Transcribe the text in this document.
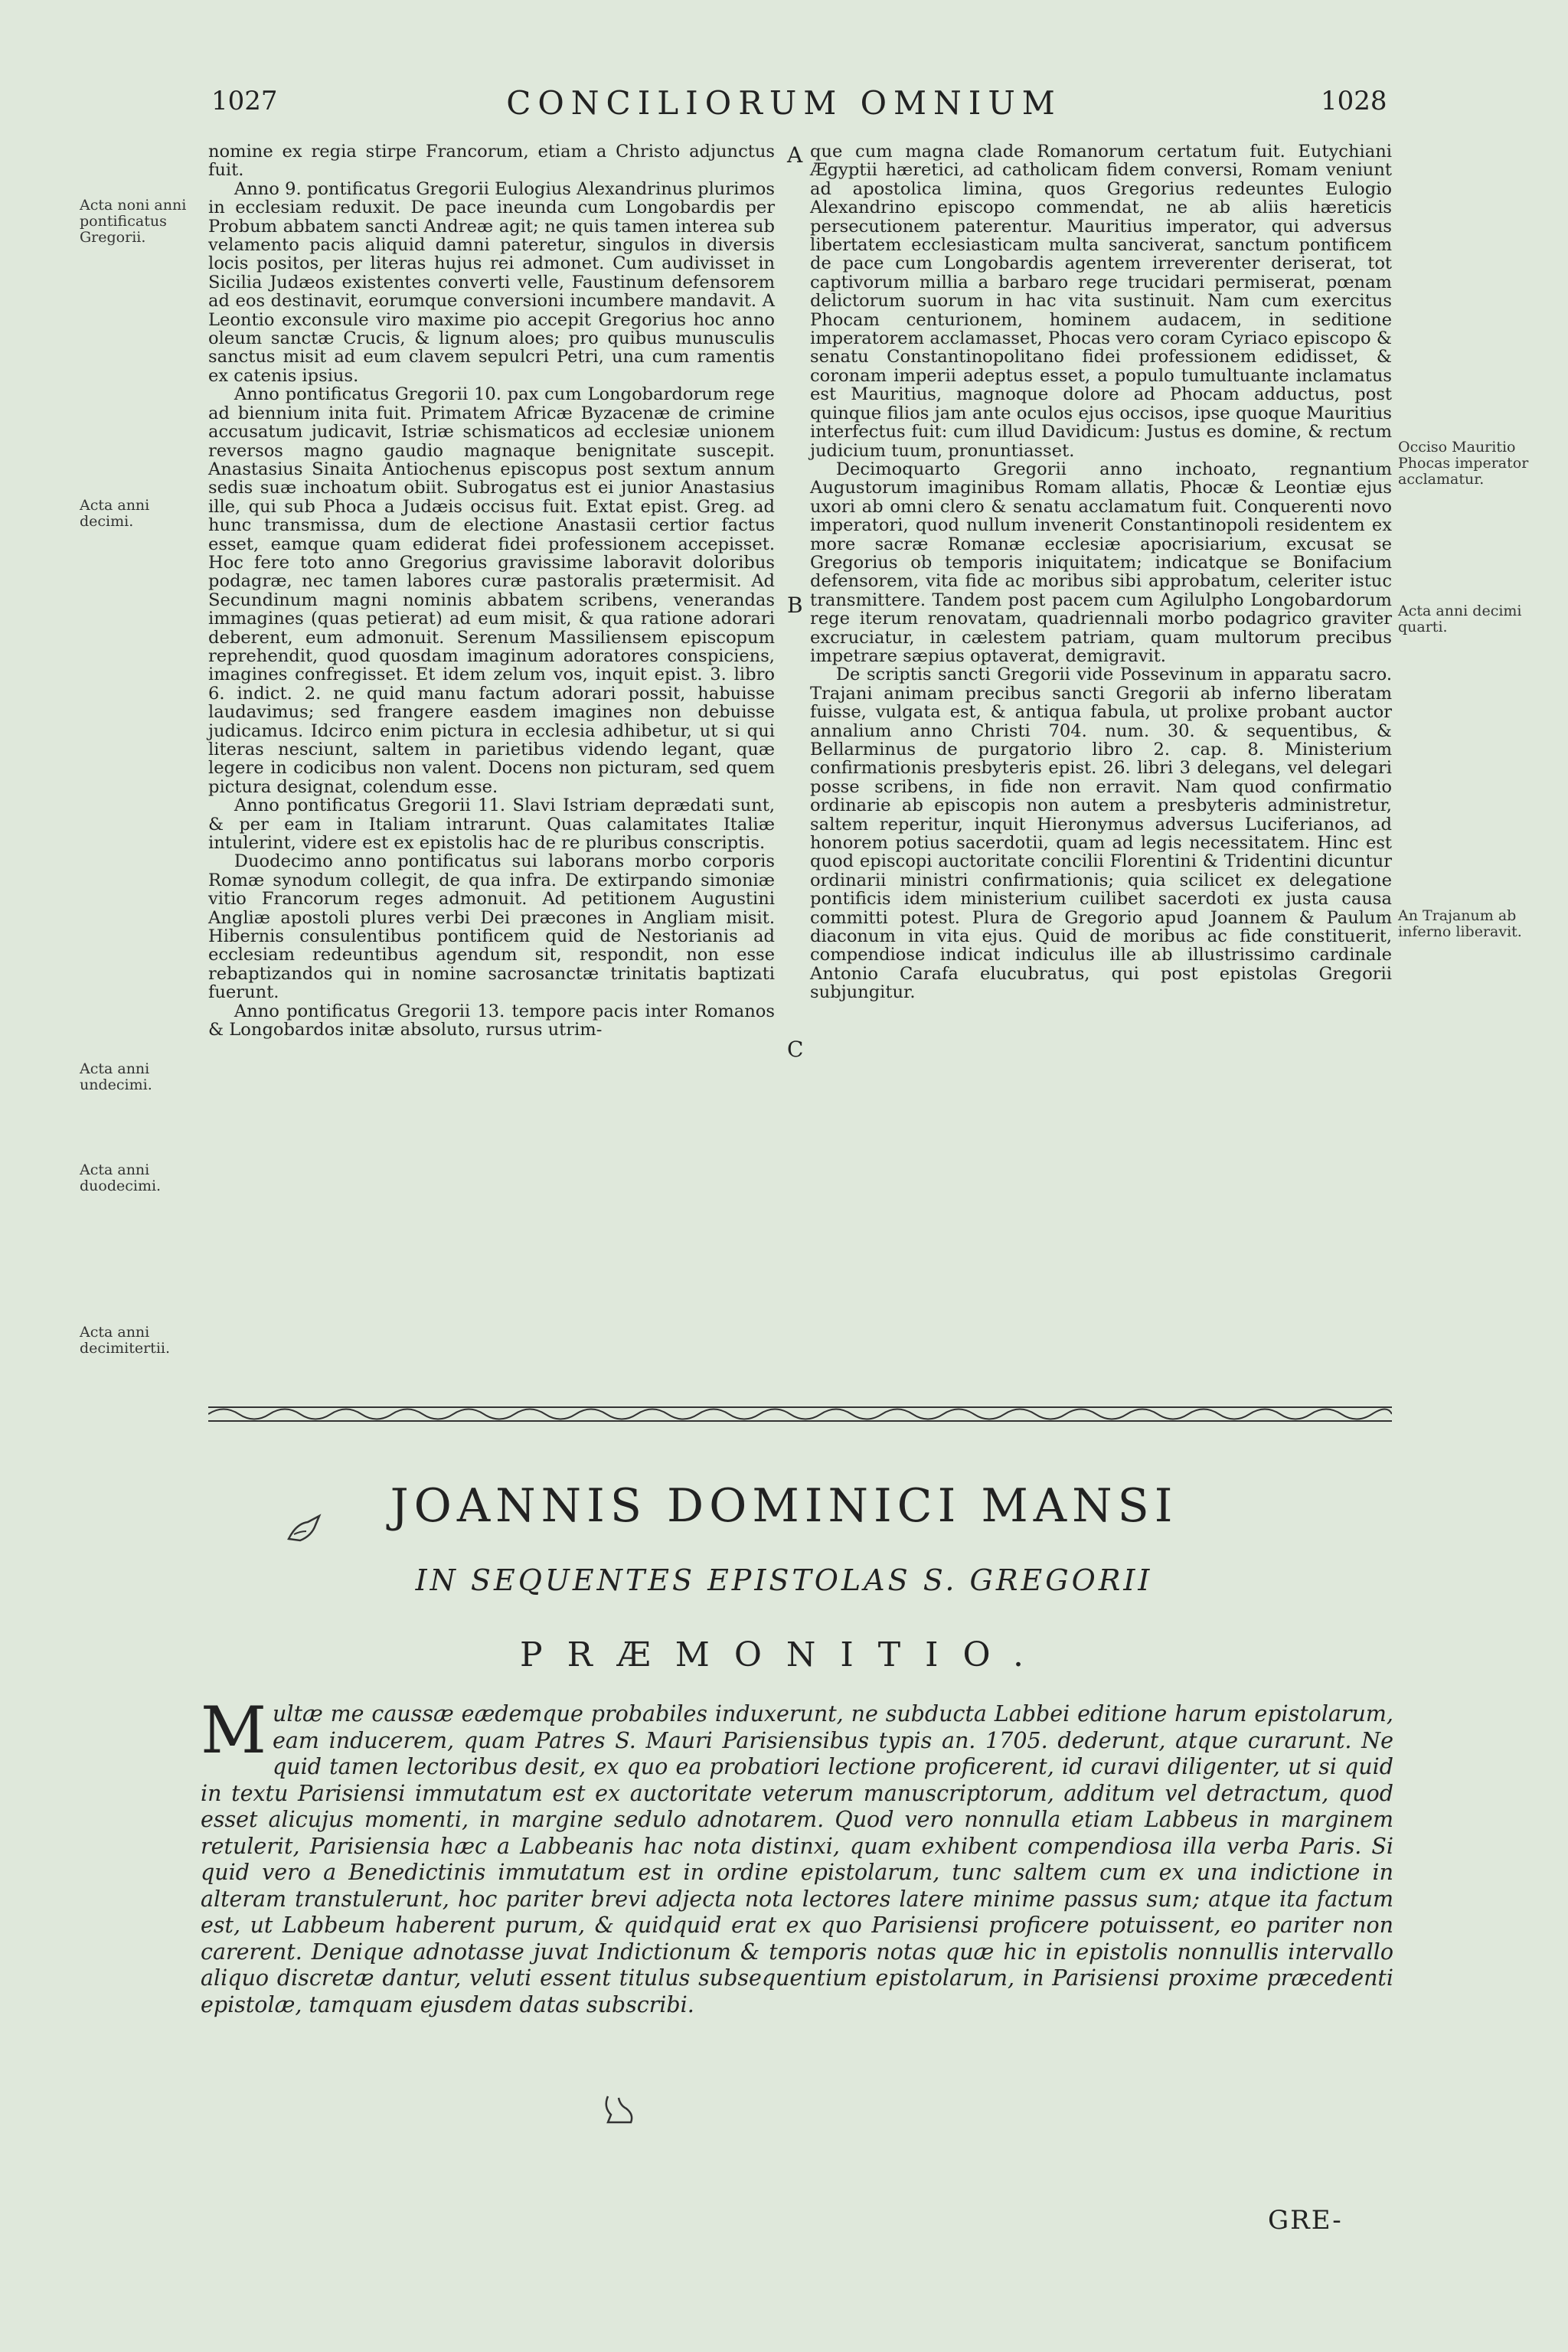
1027	CONCILIORUM OMNIUM	1028
Acta noni anni pontificatus Gregorii.
Acta anni decimi.
Acta anni undecimi.
Acta anni duodecimi.
Acta anni decimitertii.
A
B
C

nomine ex regia stirpe Francorum, etiam a Christo adjunctus fuit.

Anno 9. pontificatus Gregorii Eulogius Alexandrinus plurimos in ecclesiam reduxit. De pace ineunda cum Longobardis per Probum abbatem sancti Andreæ agit; ne quis tamen interea sub velamento pacis aliquid damni pateretur, singulos in diversis locis positos, per literas hujus rei admonet. Cum audivisset in Sicilia Judæos existentes converti velle, Faustinum defensorem ad eos destinavit, eorumque conversioni incumbere mandavit. A Leontio exconsule viro maxime pio accepit Gregorius hoc anno oleum sanctæ Crucis, & lignum aloes; pro quibus munusculis sanctus misit ad eum clavem sepulcri Petri, una cum ramentis ex catenis ipsius.

Anno pontificatus Gregorii 10. pax cum Longobardorum rege ad biennium inita fuit. Primatem Africæ Byzacenæ de crimine accusatum judicavit, Istriæ schismaticos ad ecclesiæ unionem reversos magno gaudio magnaque benignitate suscepit. Anastasius Sinaita Antiochenus episcopus post sextum annum sedis suæ inchoatum obiit. Subrogatus est ei junior Anastasius ille, qui sub Phoca a Judæis occisus fuit. Extat epist. Greg. ad hunc transmissa, dum de electione Anastasii certior factus esset, eamque quam ediderat fidei professionem accepisset. Hoc fere toto anno Gregorius gravissime laboravit doloribus podagræ, nec tamen labores curæ pastoralis prætermisit. Ad Secundinum magni nominis abbatem scribens, venerandas immagines (quas petierat) ad eum misit, & qua ratione adorari deberent, eum admonuit. Serenum Massiliensem episcopum reprehendit, quod quosdam imaginum adoratores conspiciens, imagines confregisset. Et idem zelum vos, inquit epist. 3. libro 6. indict. 2. ne quid manu factum adorari possit, habuisse laudavimus; sed frangere easdem imagines non debuisse judicamus. Idcirco enim pictura in ecclesia adhibetur, ut si qui literas nesciunt, saltem in parietibus videndo legant, quæ legere in codicibus non valent. Docens non picturam, sed quem pictura designat, colendum esse.

Anno pontificatus Gregorii 11. Slavi Istriam deprædati sunt, & per eam in Italiam intrarunt. Quas calamitates Italiæ intulerint, videre est ex epistolis hac de re pluribus conscriptis.

Duodecimo anno pontificatus sui laborans morbo corporis Romæ synodum collegit, de qua infra. De extirpando simoniæ vitio Francorum reges admonuit. Ad petitionem Augustini Angliæ apostoli plures verbi Dei præcones in Angliam misit. Hibernis consulentibus pontificem quid de Nestorianis ad ecclesiam redeuntibus agendum sit, respondit, non esse rebaptizandos qui in nomine sacrosanctæ trinitatis baptizati fuerunt.

Anno pontificatus Gregorii 13. tempore pacis inter Romanos & Longobardos initæ absoluto, rursus utrim-

que cum magna clade Romanorum certatum fuit. Eutychiani Ægyptii hæretici, ad catholicam fidem conversi, Romam veniunt ad apostolica limina, quos Gregorius redeuntes Eulogio Alexandrino episcopo commendat, ne ab aliis hæreticis persecutionem paterentur. Mauritius imperator, qui adversus libertatem ecclesiasticam multa sanciverat, sanctum pontificem de pace cum Longobardis agentem irreverenter deriserat, tot captivorum millia a barbaro rege trucidari permiserat, pœnam delictorum suorum in hac vita sustinuit. Nam cum exercitus Phocam centurionem, hominem audacem, in seditione imperatorem acclamasset, Phocas vero coram Cyriaco episcopo & senatu Constantinopolitano fidei professionem edidisset, & coronam imperii adeptus esset, a populo tumultuante inclamatus est Mauritius, magnoque dolore ad Phocam adductus, post quinque filios jam ante oculos ejus occisos, ipse quoque Mauritius interfectus fuit: cum illud Davidicum: Justus es domine, & rectum judicium tuum, pronuntiasset.

Decimoquarto Gregorii anno inchoato, regnantium Augustorum imaginibus Romam allatis, Phocæ & Leontiæ ejus uxori ab omni clero & senatu acclamatum fuit. Conquerenti novo imperatori, quod nullum invenerit Constantinopoli residentem ex more sacræ Romanæ ecclesiæ apocrisiarium, excusat se Gregorius ob temporis iniquitatem; indicatque se Bonifacium defensorem, vita fide ac moribus sibi approbatum, celeriter istuc transmittere. Tandem post pacem cum Agilulpho Longobardorum rege iterum renovatam, quadriennali morbo podagrico graviter excruciatur, in cælestem patriam, quam multorum precibus impetrare sæpius optaverat, demigravit.

De scriptis sancti Gregorii vide Possevinum in apparatu sacro. Trajani animam precibus sancti Gregorii ab inferno liberatam fuisse, vulgata est, & antiqua fabula, ut prolixe probant auctor annalium anno Christi 704. num. 30. & sequentibus, & Bellarminus de purgatorio libro 2. cap. 8. Ministerium confirmationis presbyteris epist. 26. libri 3 delegans, vel delegari posse scribens, in fide non erravit. Nam quod confirmatio ordinarie ab episcopis non autem a presbyteris administretur, saltem reperitur, inquit Hieronymus adversus Luciferianos, ad honorem potius sacerdotii, quam ad legis necessitatem. Hinc est quod episcopi auctoritate concilii Florentini & Tridentini dicuntur ordinarii ministri confirmationis; quia scilicet ex delegatione pontificis idem ministerium cuilibet sacerdoti ex justa causa committi potest. Plura de Gregorio apud Joannem & Paulum diaconum in vita ejus. Quid de moribus ac fide constituerit, compendiose indicat indiculus ille ab illustrissimo cardinale Antonio Carafa elucubratus, qui post epistolas Gregorii subjungitur.

Occiso Mauritio Phocas imperator acclamatur.
Acta anni decimi quarti.
An Trajanum ab inferno liberavit.
JOANNIS DOMINICI MANSI
IN SEQUENTES EPISTOLAS S. GREGORII
PRÆMONITIO.
M ultæ me caussæ eædemque probabiles induxerunt, ne subducta Labbei editione harum epistolarum, eam inducerem, quam Patres S. Mauri Parisiensibus typis an. 1705. dederunt, atque curarunt. Ne quid tamen lectoribus desit, ex quo ea probatiori lectione proficerent, id curavi diligenter, ut si quid in textu Parisiensi immutatum est ex auctoritate veterum manuscriptorum, additum vel detractum, quod esset alicujus momenti, in margine sedulo adnotarem. Quod vero nonnulla etiam Labbeus in marginem retulerit, Parisiensia hæc a Labbeanis hac nota distinxi, quam exhibent compendiosa illa verba Paris. Si quid vero a Benedictinis immutatum est in ordine epistolarum, tunc saltem cum ex una indictione in alteram transtulerunt, hoc pariter brevi adjecta nota lectores latere minime passus sum; atque ita factum est, ut Labbeum haberent purum, & quidquid erat ex quo Parisiensi proficere potuissent, eo pariter non carerent. Denique adnotasse juvat Indictionum & temporis notas quæ hic in epistolis nonnullis intervallo aliquo discretæ dantur, veluti essent titulus subsequentium epistolarum, in Parisiensi proxime præcedenti epistolæ, tamquam ejusdem datas subscribi.
GRE-
